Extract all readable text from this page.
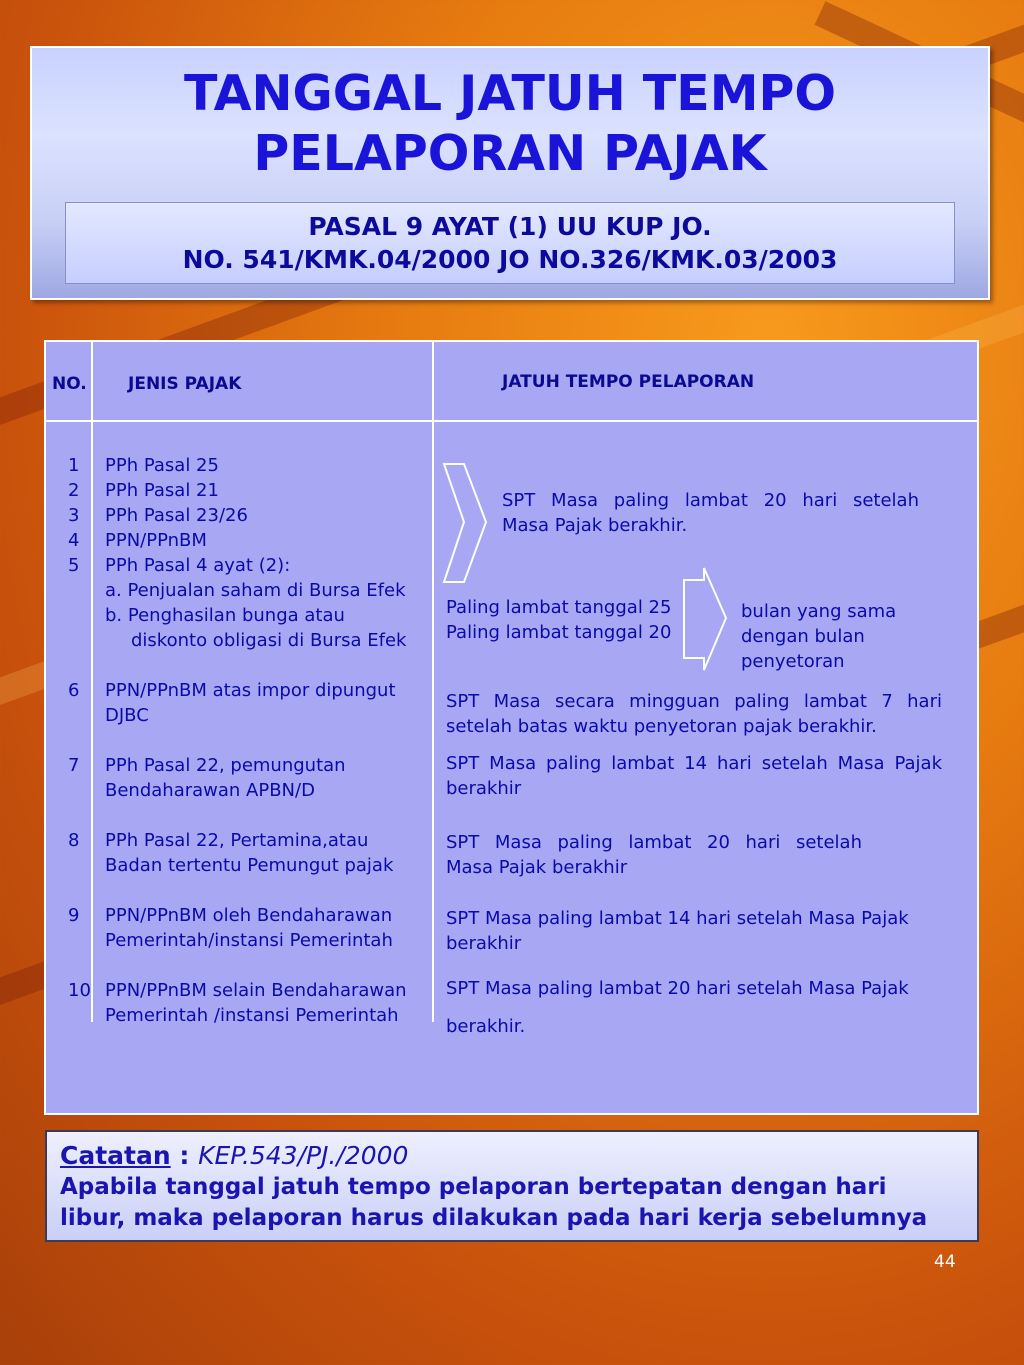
TANGGAL JATUH TEMPO
PELAPORAN PAJAK
PASAL 9 AYAT (1) UU KUP JO.
NO. 541/KMK.04/2000 JO NO.326/KMK.03/2003
NO. JENIS PAJAK	JATUH TEMPO PELAPORAN
1
2
3
4
5
6
7
8
9
10
PPh Pasal 25
PPh Pasal 21
PPh Pasal 23/26
PPN/PPnBM
PPh Pasal 4 ayat (2):
a. Penjualan saham di Bursa Efek
b. Penghasilan bunga atau
diskonto obligasi di Bursa Efek
PPN/PPnBM atas impor dipungut
DJBC
PPh Pasal 22, pemungutan
Bendaharawan APBN/D
PPh Pasal 22, Pertamina,atau
Badan tertentu Pemungut pajak
PPN/PPnBM oleh Bendaharawan
Pemerintah/instansi Pemerintah
PPN/PPnBM selain Bendaharawan
Pemerintah /instansi Pemerintah
SPT Masa paling lambat 20 hari setelah
Masa Pajak berakhir.
Paling lambat tanggal 25
Paling lambat tanggal 20
bulan yang sama
dengan bulan
penyetoran
SPT Masa secara mingguan paling lambat 7 hari
setelah batas waktu penyetoran pajak berakhir.
SPT Masa paling lambat 14 hari setelah Masa Pajak
berakhir
SPT Masa paling lambat 20 hari setelah
Masa Pajak berakhir
SPT Masa paling lambat 14 hari setelah Masa Pajak
berakhir
SPT Masa paling lambat 20 hari setelah Masa Pajak
berakhir.
Catatan : KEP.543/PJ./2000
Apabila tanggal jatuh tempo pelaporan bertepatan dengan hari
libur, maka pelaporan harus dilakukan pada hari kerja sebelumnya
44
